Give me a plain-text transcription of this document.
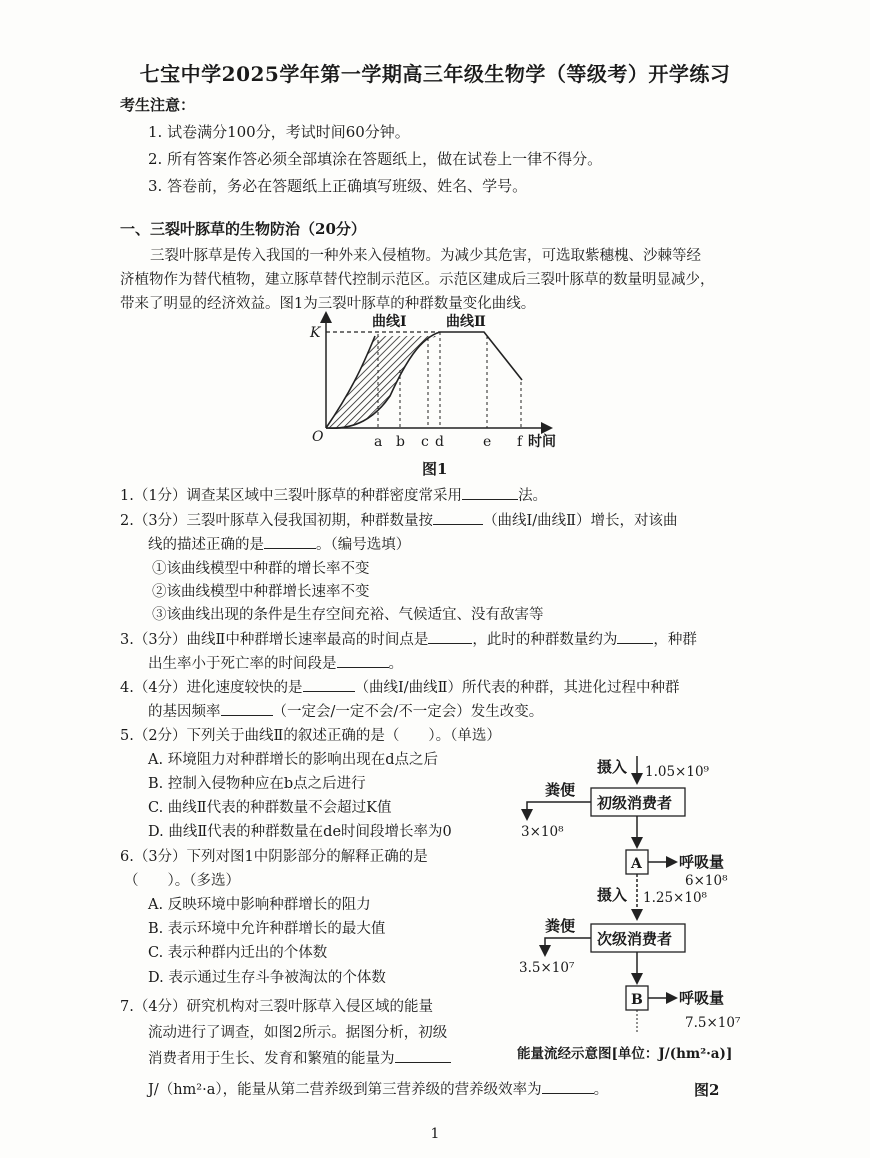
七宝中学2025学年第一学期高三年级生物学（等级考）开学练习
考生注意：
1. 试卷满分100分，考试时间60分钟。
2. 所有答案作答必须全部填涂在答题纸上，做在试卷上一律不得分。
3. 答卷前，务必在答题纸上正确填写班级、姓名、学号。
一、三裂叶豚草的生物防治（20分）
三裂叶豚草是传入我国的一种外来入侵植物。为减少其危害，可选取紫穗槐、沙棘等经
济植物作为替代植物，建立豚草替代控制示范区。示范区建成后三裂叶豚草的数量明显减少，
带来了明显的经济效益。图1为三裂叶豚草的种群数量变化曲线。
K
O
曲线Ⅰ	曲线Ⅱ
a b c d	e f 时间
图1
1.（1分）调查某区域中三裂叶豚草的种群密度常采用	法。
2.（3分）三裂叶豚草入侵我国初期，种群数量按	（曲线Ⅰ/曲线Ⅱ）增长，对该曲
线的描述正确的是	。（编号选填）
①该曲线模型中种群的增长率不变
②该曲线模型中种群增长速率不变
③该曲线出现的条件是生存空间充裕、气候适宜、没有敌害等
3.（3分）曲线Ⅱ中种群增长速率最高的时间点是	，此时的种群数量约为 ，种群
出生率小于死亡率的时间段是	。
4.（4分）进化速度较快的是	（曲线Ⅰ/曲线Ⅱ）所代表的种群，其进化过程中种群
的基因频率	（一定会/一定不会/不一定会）发生改变。
5.（2分）下列关于曲线Ⅱ的叙述正确的是（　　）。（单选）
A. 环境阻力对种群增长的影响出现在d点之后
B. 控制入侵物种应在b点之后进行
C. 曲线Ⅱ代表的种群数量不会超过K值
D. 曲线Ⅱ代表的种群数量在de时间段增长率为0
6.（3分）下列对图1中阴影部分的解释正确的是
（　　）。（多选）
A. 反映环境中影响种群增长的阻力
B. 表示环境中允许种群增长的最大值
C. 表示种群内迁出的个体数
D. 表示通过生存斗争被淘汰的个体数
7.（4分）研究机构对三裂叶豚草入侵区域的能量
流动进行了调查，如图2所示。据图分析，初级
消费者用于生长、发育和繁殖的能量为
J/（hm²·a），能量从第二营养级到第三营养级的营养级效率为	。
摄入 1.05×10⁹
初级消费者
粪便
3×10⁸
A 呼吸量
6×10⁸
摄入 1.25×10⁸
次级消费者
粪便
3.5×10⁷
B 呼吸量
7.5×10⁷
能量流经示意图[单位：J/(hm²·a)]
图2
1
